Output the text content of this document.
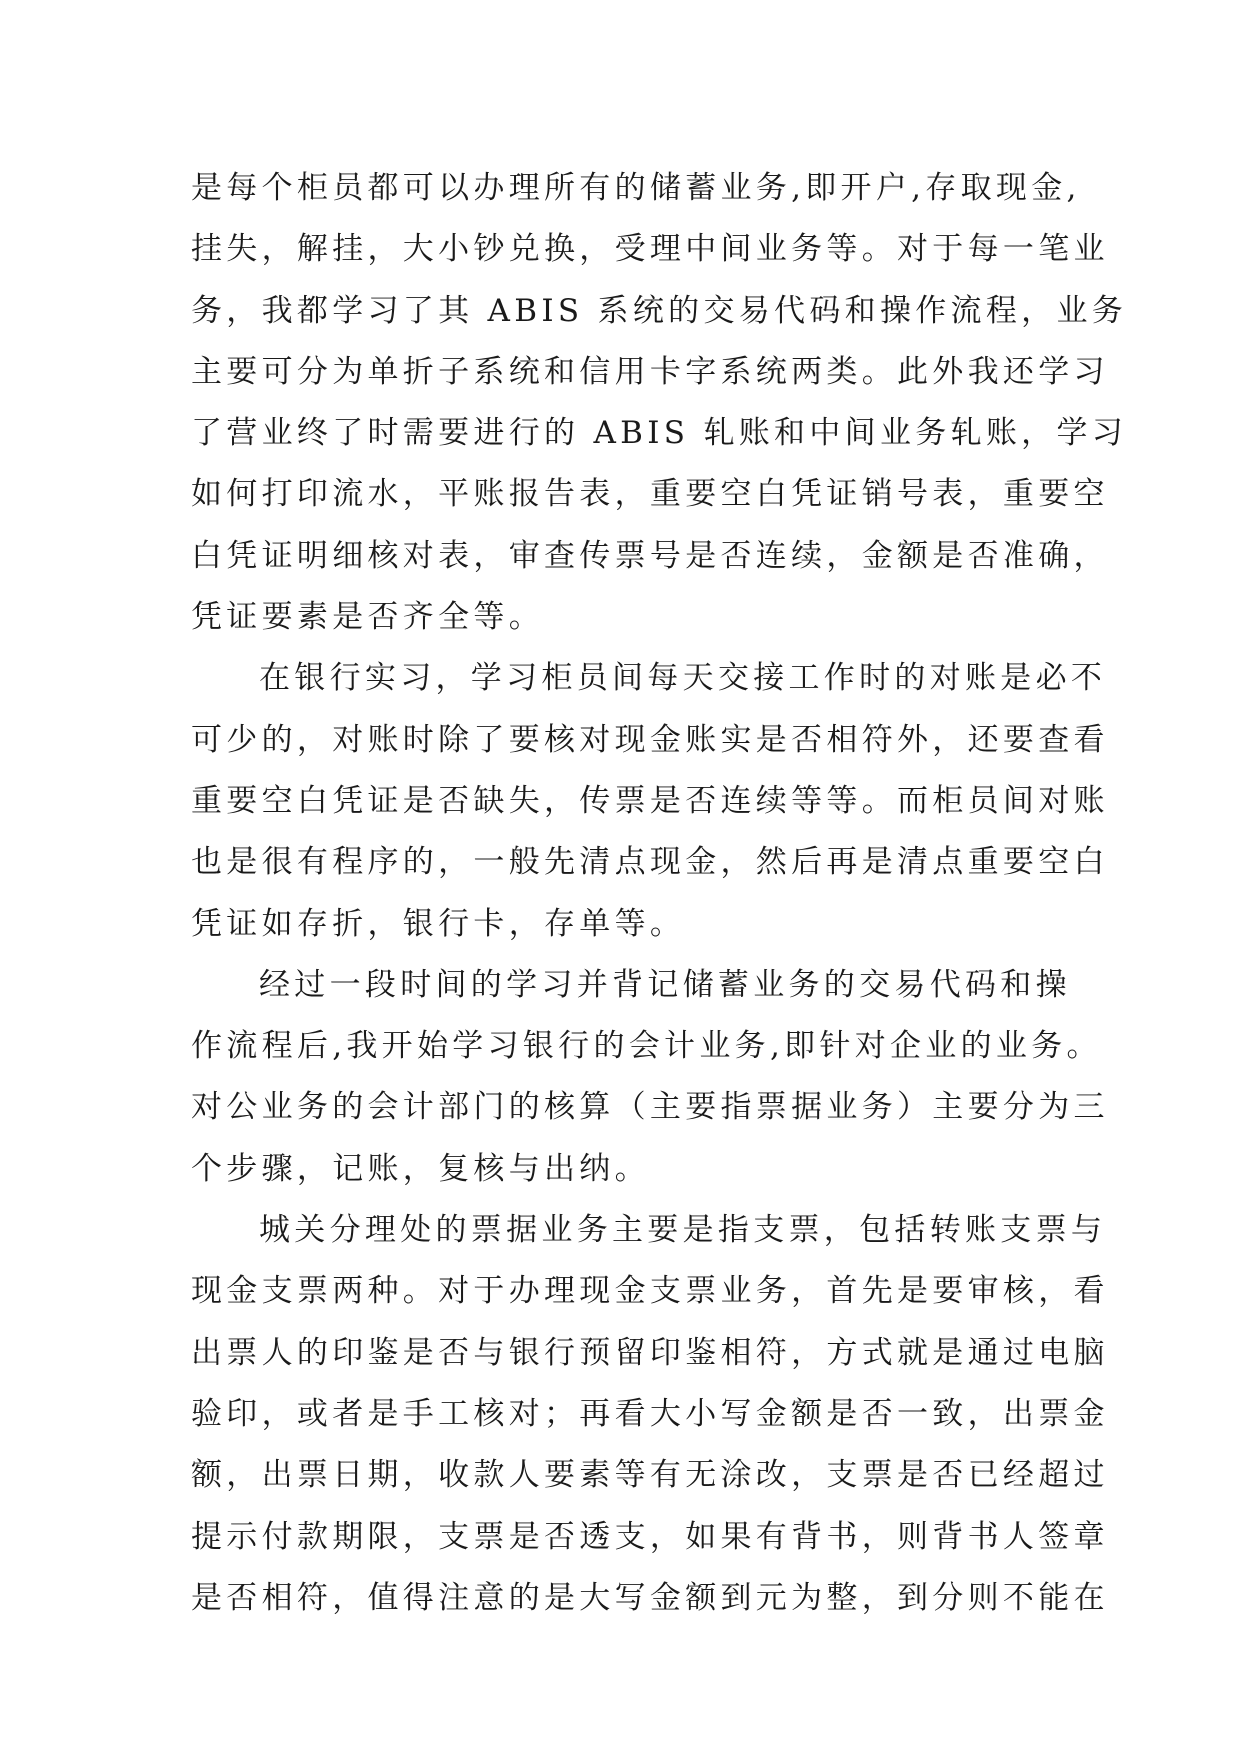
是每个柜员都可以办理所有的储蓄业务,即开户,存取现金,
挂失，解挂，大小钞兑换，受理中间业务等。对于每一笔业
务，我都学习了其 ABIS 系统的交易代码和操作流程，业务
主要可分为单折子系统和信用卡字系统两类。此外我还学习
了营业终了时需要进行的 ABIS 轧账和中间业务轧账，学习
如何打印流水，平账报告表，重要空白凭证销号表，重要空
白凭证明细核对表，审查传票号是否连续，金额是否准确，
凭证要素是否齐全等。
在银行实习，学习柜员间每天交接工作时的对账是必不
可少的，对账时除了要核对现金账实是否相符外，还要查看
重要空白凭证是否缺失，传票是否连续等等。而柜员间对账
也是很有程序的，一般先清点现金，然后再是清点重要空白
凭证如存折，银行卡，存单等。
经过一段时间的学习并背记储蓄业务的交易代码和操
作流程后,我开始学习银行的会计业务,即针对企业的业务。
对公业务的会计部门的核算（主要指票据业务）主要分为三
个步骤，记账，复核与出纳。
城关分理处的票据业务主要是指支票，包括转账支票与
现金支票两种。对于办理现金支票业务，首先是要审核，看
出票人的印鉴是否与银行预留印鉴相符，方式就是通过电脑
验印，或者是手工核对；再看大小写金额是否一致，出票金
额，出票日期，收款人要素等有无涂改，支票是否已经超过
提示付款期限，支票是否透支，如果有背书，则背书人签章
是否相符，值得注意的是大写金额到元为整，到分则不能在
